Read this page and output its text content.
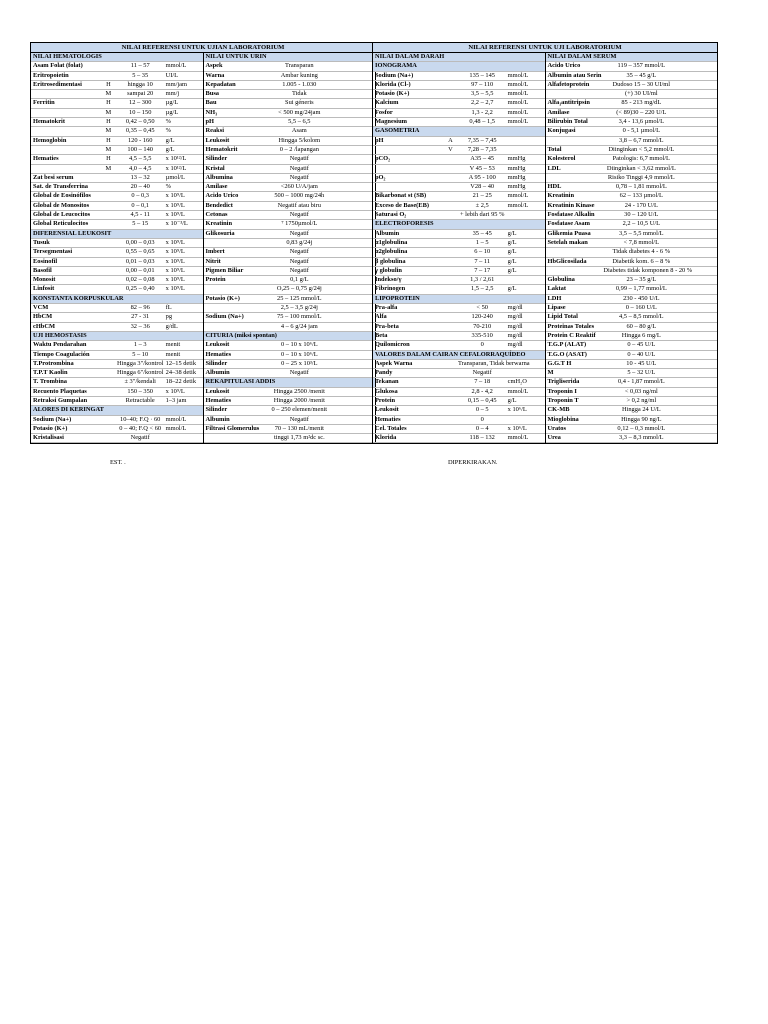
NILAI REFERENSI UNTUK UJIAN LABORATORIUM
NILAI HEMATOLOGIS
Asam Folat (folat)	11 – 57	mmol/L
Eritropoietin	5 – 35	UI/L
Eritrosedimentasi	H	hingga 10	mm/jam
M	sampai 20	mm/j
Ferritin	H	12 – 300	µg/L
M	10 – 150	µg/L
Hematokrit	H	0,42 – 0,50	%
M	0,35 – 0,45	%
Hemoglobin	H	120 - 160	g/L
M	100 – 140	g/L
Hematies	H	4,5 – 5,5	x 10¹²/L
M	4,0 – 4,5	x 10¹²/L
Zat besi serum	13 – 32	µmol/L
Sat. de Transferrina	20 – 40	%
Global de Eosinófilos	0 – 0,3	x 10⁹/L
Global de Monositos	0 – 0,1	x 10⁹/L
Global de Leucocitos	4,5 - 11	x 10⁹/L
Global Reticulocitos	5 – 15	x 10⁻³/L
DIFERENSIAL LEUKOSIT
Tusuk	0,00 – 0,03	x 10⁹/L
Tersegmentasi	0,55 – 0,65	x 10⁹/L
Eosinofil	0,01 – 0,03	x 10⁹/L
Basofil	0,00 – 0,01	x 10⁹/L
Monosit	0,02 – 0,08	x 10⁹/L
Linfosit	0,25 – 0,40	x 10⁹/L
KONSTANTA KORPUSKULAR
VCM	82 – 96	fL
HbCM	27 - 31	pg
cHbCM	32 – 36	g/dL
UJI HEMOSTASIS
Waktu Pendarahan	1 – 3	menit
Tiempo Coagulación	5 – 10	menit
T.Protrombina	Hingga 3"/kontrol 12–15 detik
T.P.T Kaolin	Hingga 6"/kontrol 24–38 detik
T. Trombina	± 3"/kendali	18–22 detik
Recuento Plaquetas	150 – 350	x 10⁹/L
Retraksi Gumpalan	Retractable	1–3 jam
ALORES DI KERINGAT
Sodium (Na+)	10–40; F.Q · 60 mmol/L
Potasio (K+)	0 – 40; F.Q < 60 mmol/L
Kristalisasi	Negatif
NILAI UNTUK URIN
Aspek	Transparan
Warna	Ambar kuning
Kepadatan	1.005 - 1.030
Busa	Tidak
Bau	Sui géneris
NH₃	< 500 mg/24jam
pH	5,5 – 6,5
Reaksi	Asam
Leukosit	Hingga 5/kolom
Hematokrit	0 – 2 /lapangan
Silinder	Negatif
Kristal	Negatif
Albumina	Negatif
Amilase	<260 U/A/jam
Acido Urico	500 – 1000 mg/24h
Bendedict	Negatif atau biru
Cetonas	Negatif
Kreatinin	⁷ 1750µmol/L
Glikosuria	Negatif
0,83 g/24j
Imbert	Negatif
Nitrit	Negatif
Pigmen Biliar	Negatif
Protein	0,1 g/L
O,25 – 0,75 g/24j
Potasio (K+)	25 – 125 mmol/L
2,5 – 3,5 g/24j
Sodium (Na+)	75 – 100 mmol/L
4 – 6 g/24 jam
CITURIA (miksi spontan)
Leukosit	0 – 10 x 10⁶/L
Hematies	0 – 10 x 10⁶/L
Silinder	0 – 25 x 10³/L
Albumin	Negatif
REKAPITULASI ADDIS
Leukosit	Hingga 2500 /menit
Hematies	Hingga 2000 /menit
Silinder	0 – 250 elemen/menit
Albumin	Negatif
Filtrasi Glomerulus	70 – 130 mL/menit
tinggi 1,73 m²dc sc.
EST. .
NILAI REFERENSI UNTUK UJI LABORATORIUM
NILAI DALAM DARAH
IONOGRAMA
Sodium (Na+)	135 – 145	mmol/L
Klorida (Cl-)	97 – 110	mmol/L
Potasio (K+)	3,5 – 5,5	mmol/L
Kalcium	2,2 – 2,7	mmol/L
Fosfor	1,3 - 2,2	mmol/L
Magnesium	0,48 – 1,5	mmol/L
GASOMETRIA
pH	A	7,35 – 7,45
V	7,28 – 7,35
pCO₂	A35 – 45	mmHg
V 45 – 53	mmHg
pO₂	A 95 - 100	mmHg
V28 – 40	mmHg
Bikarbonat st (SB)	21 – 25	mmol/L
Exceso de Base(EB)	± 2,5	mmol/L
Saturasi O₂	+ lebih dari 95 %
ELECTROFORESIS
Albumin	35 – 45	g/L
α1globulina	1 – 5	g/L
α2globulina	6 – 10	g/L
β globulina	7 – 11	g/L
γ globulin	7 – 17	g/L
Indekso/γ	1,3 / 2,61
Fibrinogen	1,5 – 2,5	g/L
LIPOPROTEIN
Pra-alfa	< 50	mg/dl
Alfa	120-240	mg/dl
Pra-beta	70-210	mg/dl
Beta	335-510	mg/dl
Quilomicron	0	mg/dl
VALORES DALAM CAIRAN CEFALORRAQUÍDEO
Aspek Warna	Transparan, Tidak berwarna
Pandy	Negatif
Tekanan	7 – 18	cmH₂O
Glukosa	2,8 - 4,2	mmol/L
Protein	0,15 – 0,45	g/L
Leukosit	0 – 5	x 10⁶/L
Hematies	0
Cel. Totales	0 – 4	x 10⁶/L
Klorida	118 – 132	mmol/L
NILAI DALAM SERUM
Acido Urico	119 – 357 mmol/L
Albumin atau Serin	35 – 45 g/L
Alfafetoprotein	Dudoso 15 – 30 UI/ml
(+) 30 UI/ml
Alfa₁antitripsin	85 - 213 mg/dL
Amilase	(< 89)30 – 220 U/L
Bilirubin Total	3,4 - 13,6 µmol/L
Konjugasi	0 - 5,1 µmol/L
3,8 – 6,7 mmol/L
Total	Diinginkan < 5,2 mmol/L
Kolesterol	Patologis: 6,7 mmol/L
LDL	Diinginkan < 3,62 mmol/L
Risiko Tinggi 4,9 mmol/L
HDL	0,78 – 1,81 mmol/L
Kreatinin	62 – 133 µmol/L
Kreatinin Kinase	24 - 170 U/L
Fosfatase Alkalin	30 – 120 U/L
Fosfatase Asam	2,2 – 10,5 U/L
Glikemia Puasa	3,5 – 5,5 mmol/L
Setelah makan	< 7,8 mmol/L
Tidak diabetes 4 - 6 %
HbGlicosilada	Diabetik kom. 6 – 8 %
Diabetes tidak komponen 8 - 20 %
Globulina	23 – 35 g/L
Laktat	0,99 – 1,77 mmol/L
LDH	230 - 450 U/L
Lipase	0 – 160 U/L
Lipid Total	4,5 – 8,5 mmol/L
Proteinas Totales	60 – 80 g/L
Protein C Reaktif	Hingga 6 mg/L
T.G.P (ALAT)	0 – 45 U/L
T.G.O (ASAT)	0 – 40 U/L
G.G.T H	10 - 45 U/L
M	5 – 32 U/L
Trigliserida	0,4 - 1,87 mmol/L
Troponin I	< 0,03 ng/ml
Troponin T	> 0,2 ng/ml
CK-MB	Hingga 24 U/L
Mioglobina	Hingga 90 ng/L
Uratos	0,12 – 0,3 mmol/L
Urea	3,3 – 8,3 mmol/L
DIPERKIRAKAN.
